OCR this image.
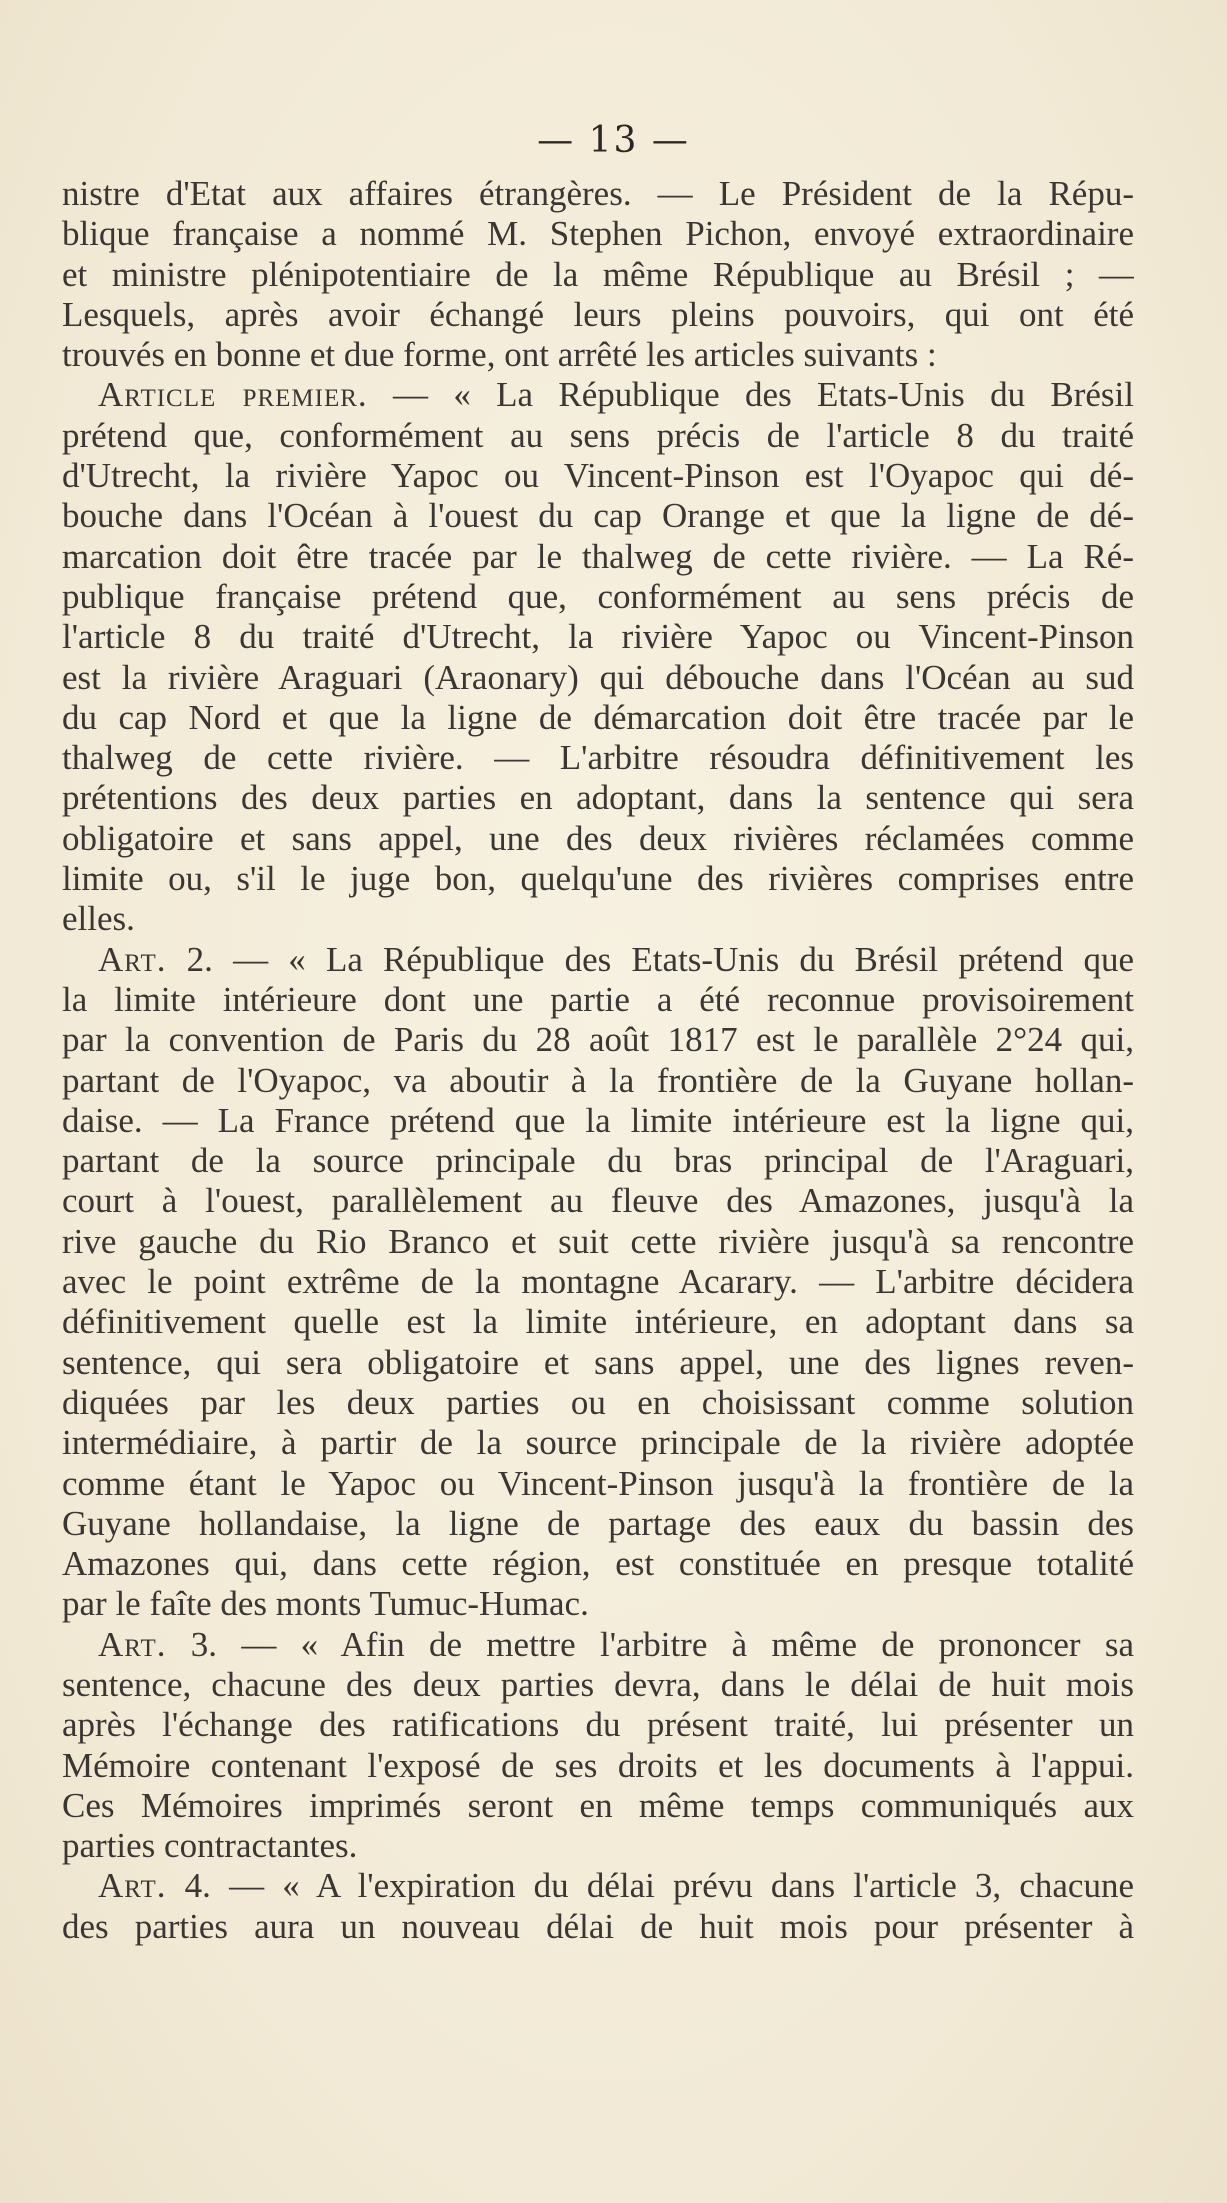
— 13 —
nistre d'Etat aux affaires étrangères. — Le Président de la Répu-
blique française a nommé M. Stephen Pichon, envoyé extraordinaire
et ministre plénipotentiaire de la même République au Brésil ; —
Lesquels, après avoir échangé leurs pleins pouvoirs, qui ont été
trouvés en bonne et due forme, ont arrêté les articles suivants :
Article premier. — « La République des Etats-Unis du Brésil
prétend que, conformément au sens précis de l'article 8 du traité
d'Utrecht, la rivière Yapoc ou Vincent-Pinson est l'Oyapoc qui dé-
bouche dans l'Océan à l'ouest du cap Orange et que la ligne de dé-
marcation doit être tracée par le thalweg de cette rivière. — La Ré-
publique française prétend que, conformément au sens précis de
l'article 8 du traité d'Utrecht, la rivière Yapoc ou Vincent-Pinson
est la rivière Araguari (Araonary) qui débouche dans l'Océan au sud
du cap Nord et que la ligne de démarcation doit être tracée par le
thalweg de cette rivière. — L'arbitre résoudra définitivement les
prétentions des deux parties en adoptant, dans la sentence qui sera
obligatoire et sans appel, une des deux rivières réclamées comme
limite ou, s'il le juge bon, quelqu'une des rivières comprises entre
elles.
Art. 2. — « La République des Etats-Unis du Brésil prétend que
la limite intérieure dont une partie a été reconnue provisoirement
par la convention de Paris du 28 août 1817 est le parallèle 2°24 qui,
partant de l'Oyapoc, va aboutir à la frontière de la Guyane hollan-
daise. — La France prétend que la limite intérieure est la ligne qui,
partant de la source principale du bras principal de l'Araguari,
court à l'ouest, parallèlement au fleuve des Amazones, jusqu'à la
rive gauche du Rio Branco et suit cette rivière jusqu'à sa rencontre
avec le point extrême de la montagne Acarary. — L'arbitre décidera
définitivement quelle est la limite intérieure, en adoptant dans sa
sentence, qui sera obligatoire et sans appel, une des lignes reven-
diquées par les deux parties ou en choisissant comme solution
intermédiaire, à partir de la source principale de la rivière adoptée
comme étant le Yapoc ou Vincent-Pinson jusqu'à la frontière de la
Guyane hollandaise, la ligne de partage des eaux du bassin des
Amazones qui, dans cette région, est constituée en presque totalité
par le faîte des monts Tumuc-Humac.
Art. 3. — « Afin de mettre l'arbitre à même de prononcer sa
sentence, chacune des deux parties devra, dans le délai de huit mois
après l'échange des ratifications du présent traité, lui présenter un
Mémoire contenant l'exposé de ses droits et les documents à l'appui.
Ces Mémoires imprimés seront en même temps communiqués aux
parties contractantes.
Art. 4. — « A l'expiration du délai prévu dans l'article 3, chacune
des parties aura un nouveau délai de huit mois pour présenter à
